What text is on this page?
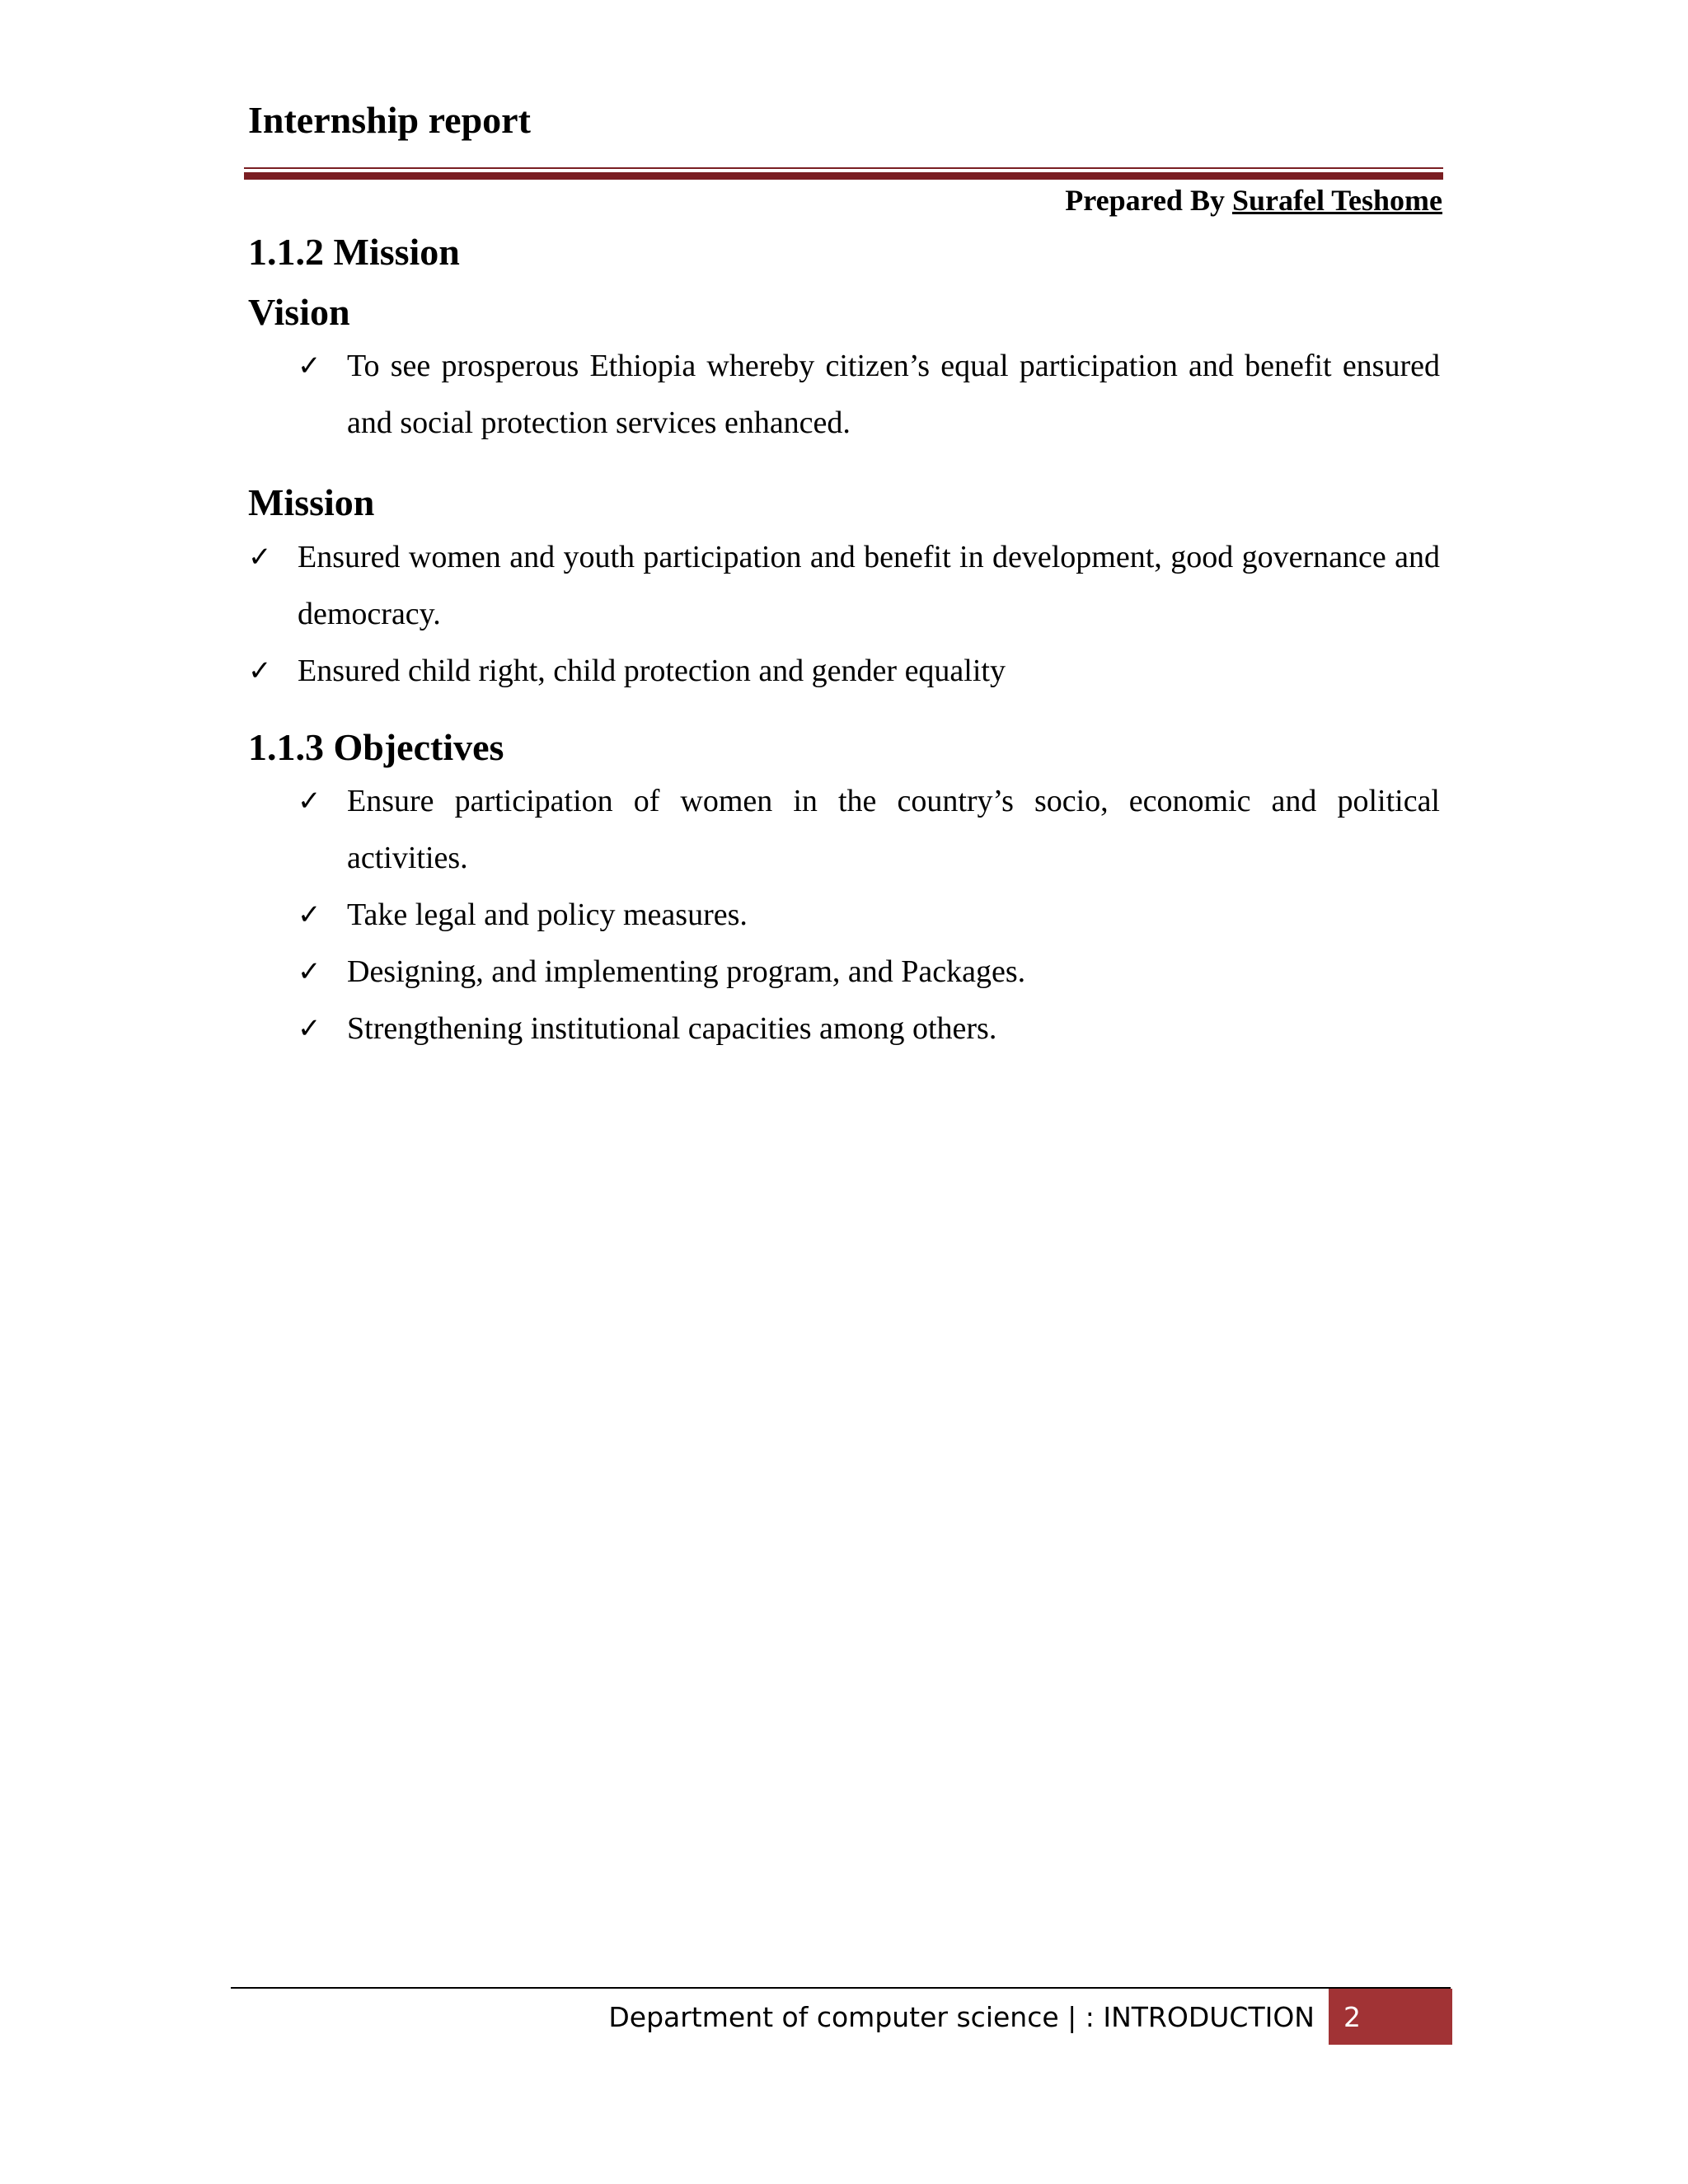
Internship report
Prepared By Surafel Teshome
1.1.2 Mission
Vision
✓ To see prosperous Ethiopia whereby citizen’s equal participation and benefit ensured and social protection services enhanced.
Mission
✓ Ensured women and youth participation and benefit in development, good governance and democracy.
✓ Ensured child right, child protection and gender equality
1.1.3 Objectives
✓ Ensure participation of women in the country’s socio, economic and political activities.
✓ Take legal and policy measures.
✓ Designing, and implementing program, and Packages.
✓ Strengthening institutional capacities among others.
Department of computer science | : INTRODUCTION 2
